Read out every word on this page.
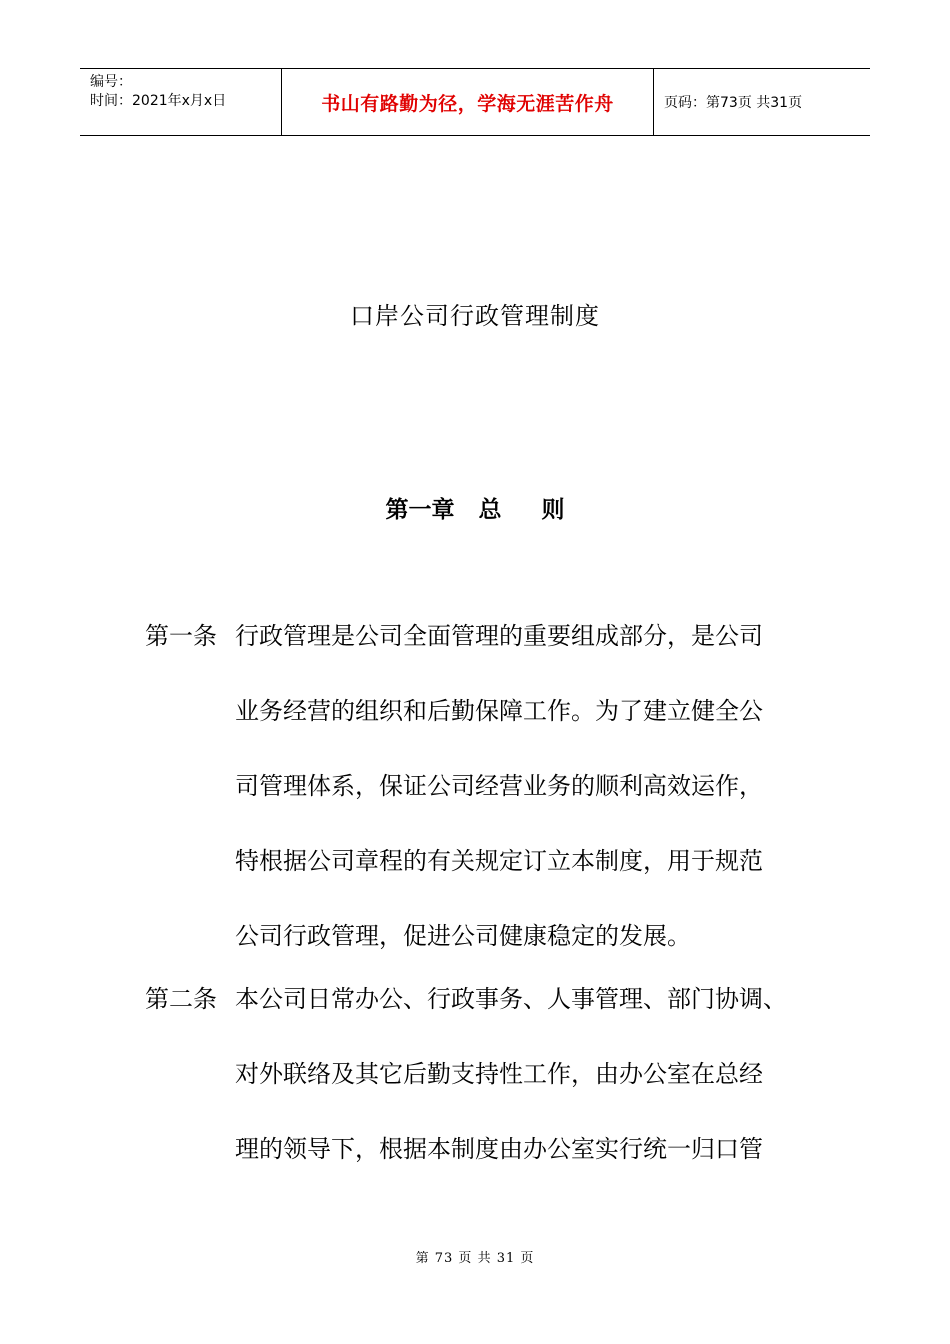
编号：
时间：2021年x月x日	书山有路勤为径，学海无涯苦作舟	页码：第73页 共31页
口岸公司行政管理制度
第一章   总     则
第一条 行政管理是公司全面管理的重要组成部分，是公司
业务经营的组织和后勤保障工作。为了建立健全公
司管理体系，保证公司经营业务的顺利高效运作，
特根据公司章程的有关规定订立本制度，用于规范
公司行政管理，促进公司健康稳定的发展。
第二条 本公司日常办公、行政事务、人事管理、部门协调、
对外联络及其它后勤支持性工作，由办公室在总经
理的领导下，根据本制度由办公室实行统一归口管
第 73 页 共 31 页
